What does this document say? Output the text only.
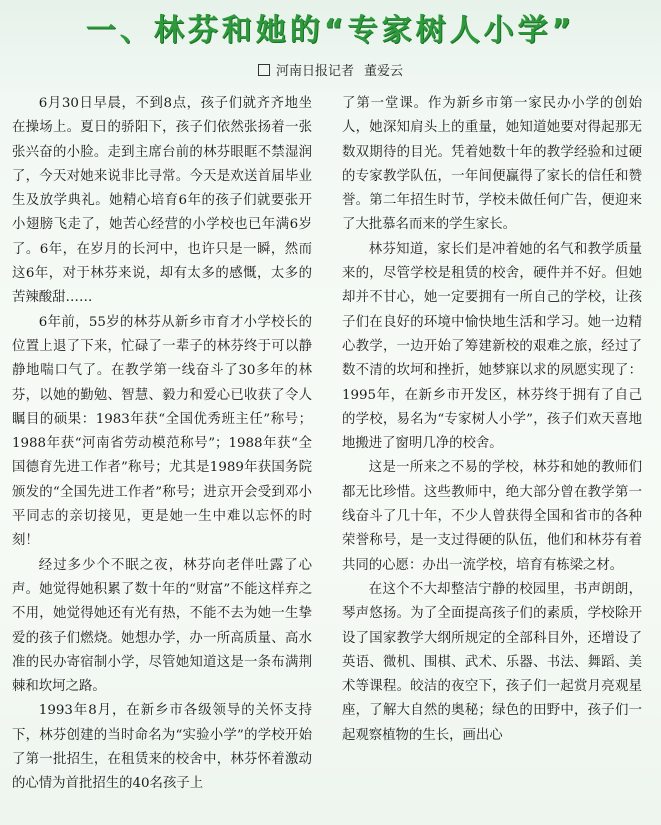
一、林芬和她的“专家树人小学”
河南日报记者 董爱云

6月30日早晨，不到8点，孩子们就齐齐地坐在操场上。夏日的骄阳下，孩子们依然张扬着一张张兴奋的小脸。走到主席台前的林芬眼眶不禁湿润了，今天对她来说非比寻常。今天是欢送首届毕业生及放学典礼。她精心培育6年的孩子们就要张开小翅膀飞走了，她苦心经营的小学校也已年满6岁了。6年，在岁月的长河中，也许只是一瞬，然而这6年，对于林芬来说，却有太多的感慨，太多的苦辣酸甜……

6年前，55岁的林芬从新乡市育才小学校长的位置上退了下来，忙碌了一辈子的林芬终于可以静静地喘口气了。在教学第一线奋斗了30多年的林芬，以她的勤勉、智慧、毅力和爱心已收获了令人瞩目的硕果：1983年获“全国优秀班主任”称号；1988年获“河南省劳动模范称号”；1988年获“全国德育先进工作者”称号；尤其是1989年获国务院颁发的“全国先进工作者”称号；进京开会受到邓小平同志的亲切接见，更是她一生中难以忘怀的时刻！

经过多少个不眠之夜，林芬向老伴吐露了心声。她觉得她积累了数十年的“财富”不能这样弃之不用，她觉得她还有光有热，不能不去为她一生挚爱的孩子们燃烧。她想办学，办一所高质量、高水准的民办寄宿制小学，尽管她知道这是一条布满荆棘和坎坷之路。

1993年8月，在新乡市各级领导的关怀支持下，林芬创建的当时命名为“实验小学”的学校开始了第一批招生，在租赁来的校舍中，林芬怀着激动的心情为首批招生的40名孩子上

了第一堂课。作为新乡市第一家民办小学的创始人，她深知肩头上的重量，她知道她要对得起那无数双期待的目光。凭着她数十年的教学经验和过硬的专家教学队伍，一年间便赢得了家长的信任和赞誉。第二年招生时节，学校未做任何广告，便迎来了大批慕名而来的学生家长。

林芬知道，家长们是冲着她的名气和教学质量来的，尽管学校是租赁的校舍，硬件并不好。但她却并不甘心，她一定要拥有一所自己的学校，让孩子们在良好的环境中愉快地生活和学习。她一边精心教学，一边开始了筹建新校的艰难之旅，经过了数不清的坎坷和挫折，她梦寐以求的夙愿实现了：1995年，在新乡市开发区，林芬终于拥有了自己的学校，易名为“专家树人小学”，孩子们欢天喜地地搬进了窗明几净的校舍。

这是一所来之不易的学校，林芬和她的教师们都无比珍惜。这些教师中，绝大部分曾在教学第一线奋斗了几十年，不少人曾获得全国和省市的各种荣誉称号，是一支过得硬的队伍，他们和林芬有着共同的心愿：办出一流学校，培育有栋梁之材。

在这个不大却整洁宁静的校园里，书声朗朗，琴声悠扬。为了全面提高孩子们的素质，学校除开设了国家教学大纲所规定的全部科目外，还增设了英语、微机、围棋、武术、乐器、书法、舞蹈、美术等课程。皎洁的夜空下，孩子们一起赏月亮观星座，了解大自然的奥秘；绿色的田野中，孩子们一起观察植物的生长，画出心
